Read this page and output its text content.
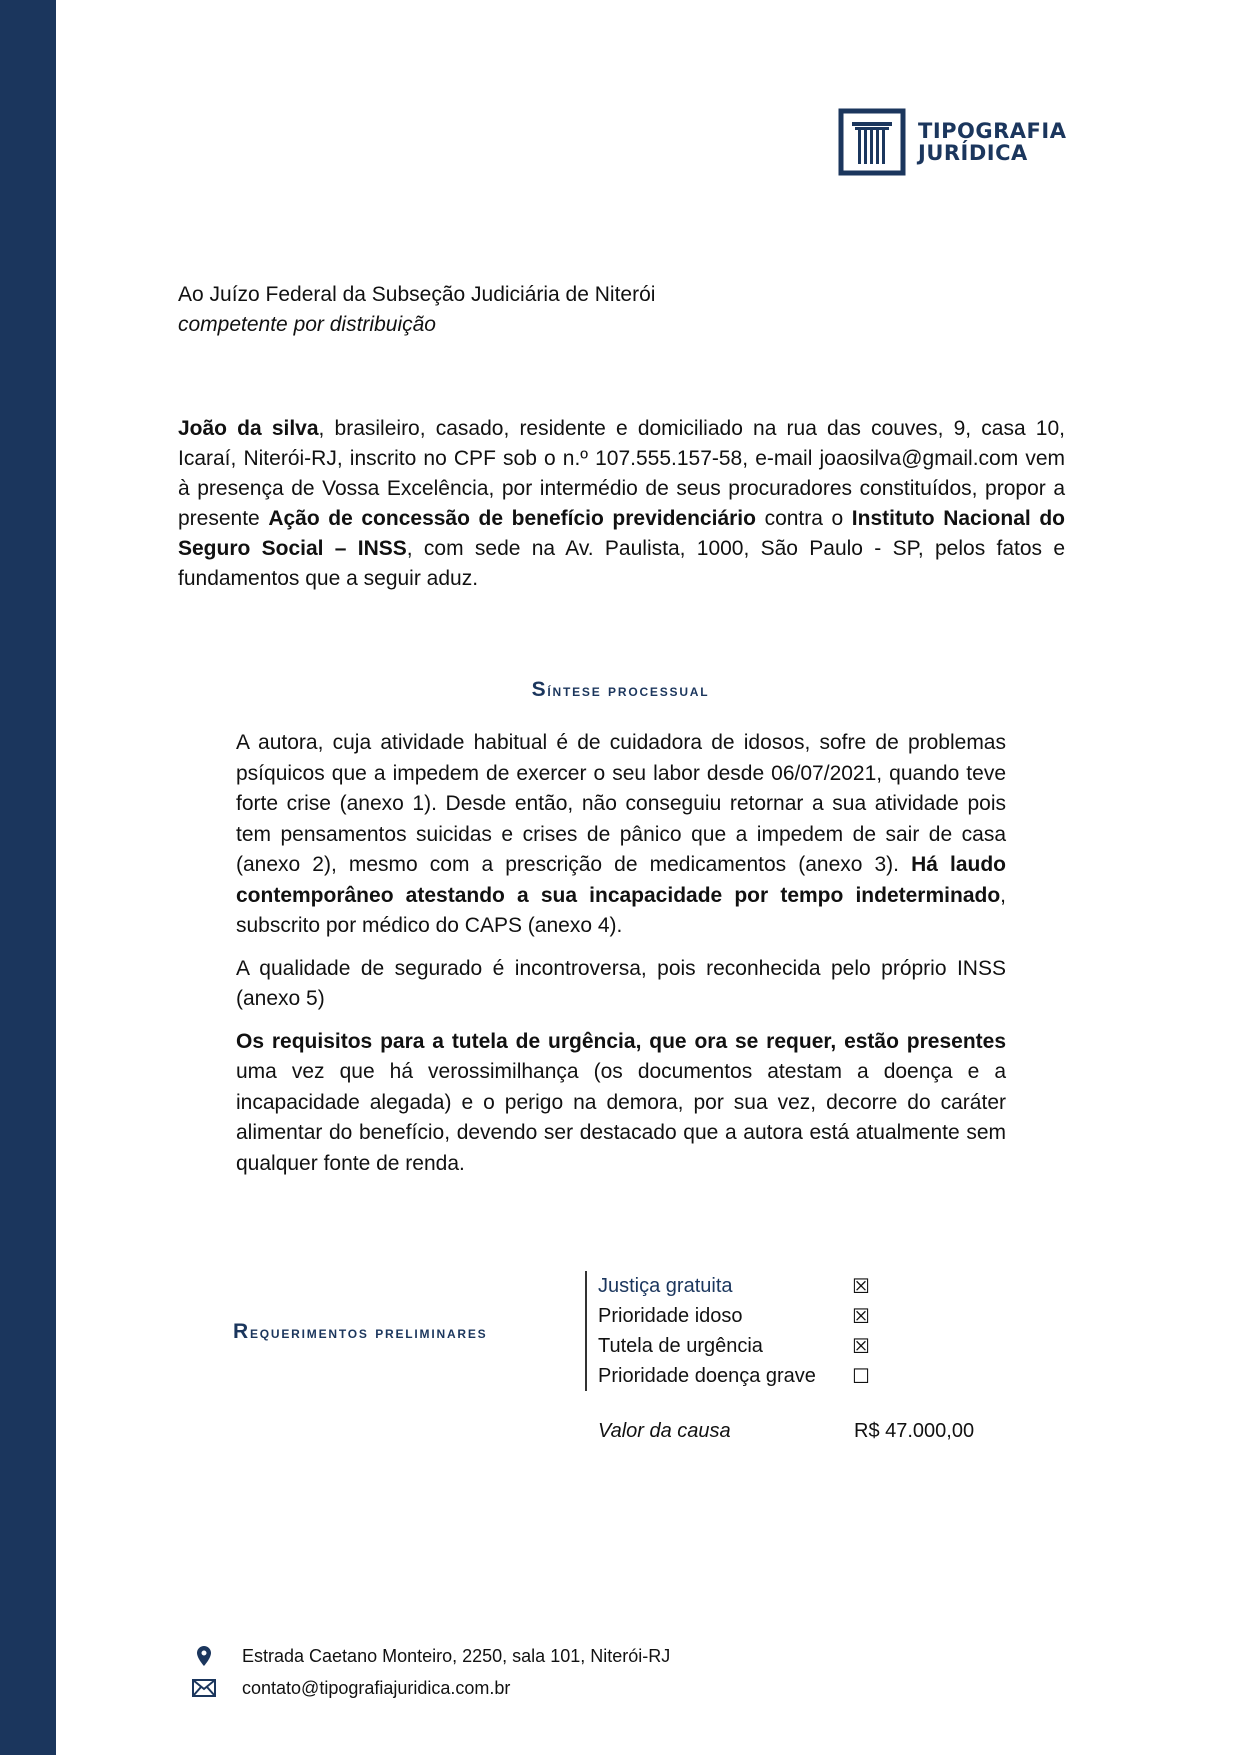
TIPOGRAFIA
JURÍDICA
Ao Juízo Federal da Subseção Judiciária de Niterói
competente por distribuição
João da silva, brasileiro, casado, residente e domiciliado na rua das couves, 9, casa 10, Icaraí, Niterói-RJ, inscrito no CPF sob o n.º 107.555.157-58, e-mail joaosilva@gmail.com vem à presença de Vossa Excelência, por intermédio de seus procuradores constituídos, propor a presente Ação de concessão de benefício previdenciário contra o Instituto Nacional do Seguro Social – INSS, com sede na Av. Paulista, 1000, São Paulo - SP, pelos fatos e fundamentos que a seguir aduz.
Síntese processual

A autora, cuja atividade habitual é de cuidadora de idosos, sofre de problemas psíquicos que a impedem de exercer o seu labor desde 06/07/2021, quando teve forte crise (anexo 1). Desde então, não conseguiu retornar a sua atividade pois tem pensamentos suicidas e crises de pânico que a impedem de sair de casa (anexo 2), mesmo com a prescrição de medicamentos (anexo 3). Há laudo contemporâneo atestando a sua incapacidade por tempo indeterminado, subscrito por médico do CAPS (anexo 4).

A qualidade de segurado é incontroversa, pois reconhecida pelo próprio INSS (anexo 5)

Os requisitos para a tutela de urgência, que ora se requer, estão presentes uma vez que há verossimilhança (os documentos atestam a doença e a incapacidade alegada) e o perigo na demora, por sua vez, decorre do caráter alimentar do benefício, devendo ser destacado que a autora está atualmente sem qualquer fonte de renda.

Requerimentos preliminares
Justiça gratuita	☒
Prioridade idoso	☒
Tutela de urgência	☒
Prioridade doença grave ☐
Valor da causa	R$ 47.000,00
Estrada Caetano Monteiro, 2250, sala 101, Niterói-RJ
contato@tipografiajuridica.com.br
